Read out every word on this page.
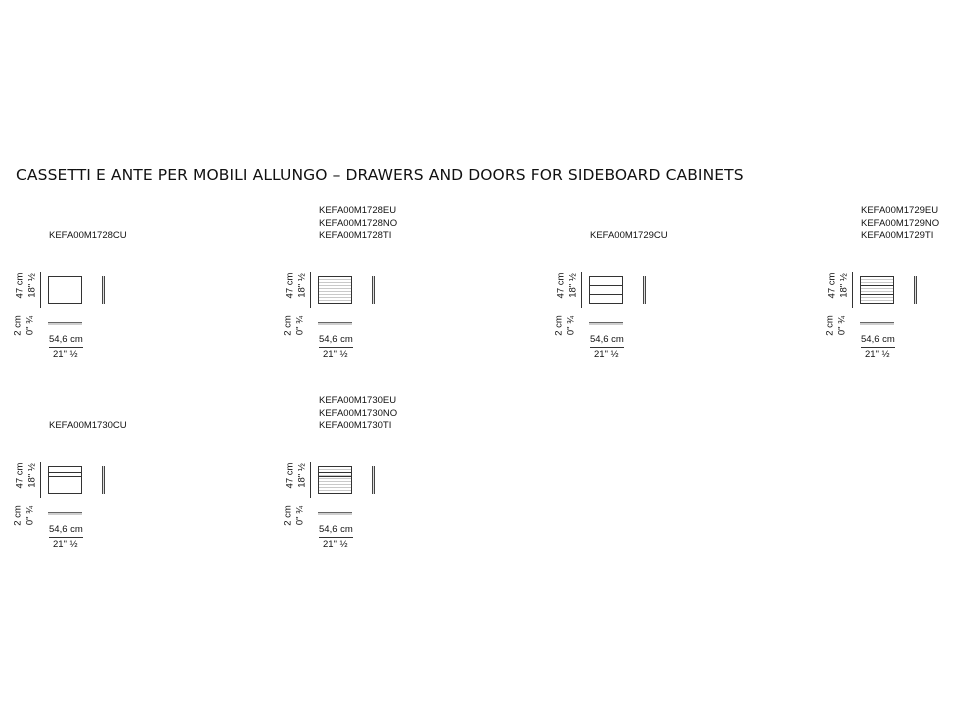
CASSETTI E ANTE PER MOBILI ALLUNGO – DRAWERS AND DOORS FOR SIDEBOARD CABINETS
KEFA00M1728CU
47 cm 18" ½
2 cm 0" ¾
54,6 cm
21" ½
KEFA00M1728EU
KEFA00M1728NO
KEFA00M1728TI
47 cm 18" ½
2 cm 0" ¾
54,6 cm
21" ½
KEFA00M1729CU
47 cm 18" ½
2 cm 0" ¾
54,6 cm
21" ½
KEFA00M1729EU
KEFA00M1729NO
KEFA00M1729TI
47 cm 18" ½
2 cm 0" ¾
54,6 cm
21" ½
KEFA00M1730CU
47 cm 18" ½
2 cm 0" ¾
54,6 cm
21" ½
KEFA00M1730EU
KEFA00M1730NO
KEFA00M1730TI
47 cm 18" ½
2 cm 0" ¾
54,6 cm
21" ½
